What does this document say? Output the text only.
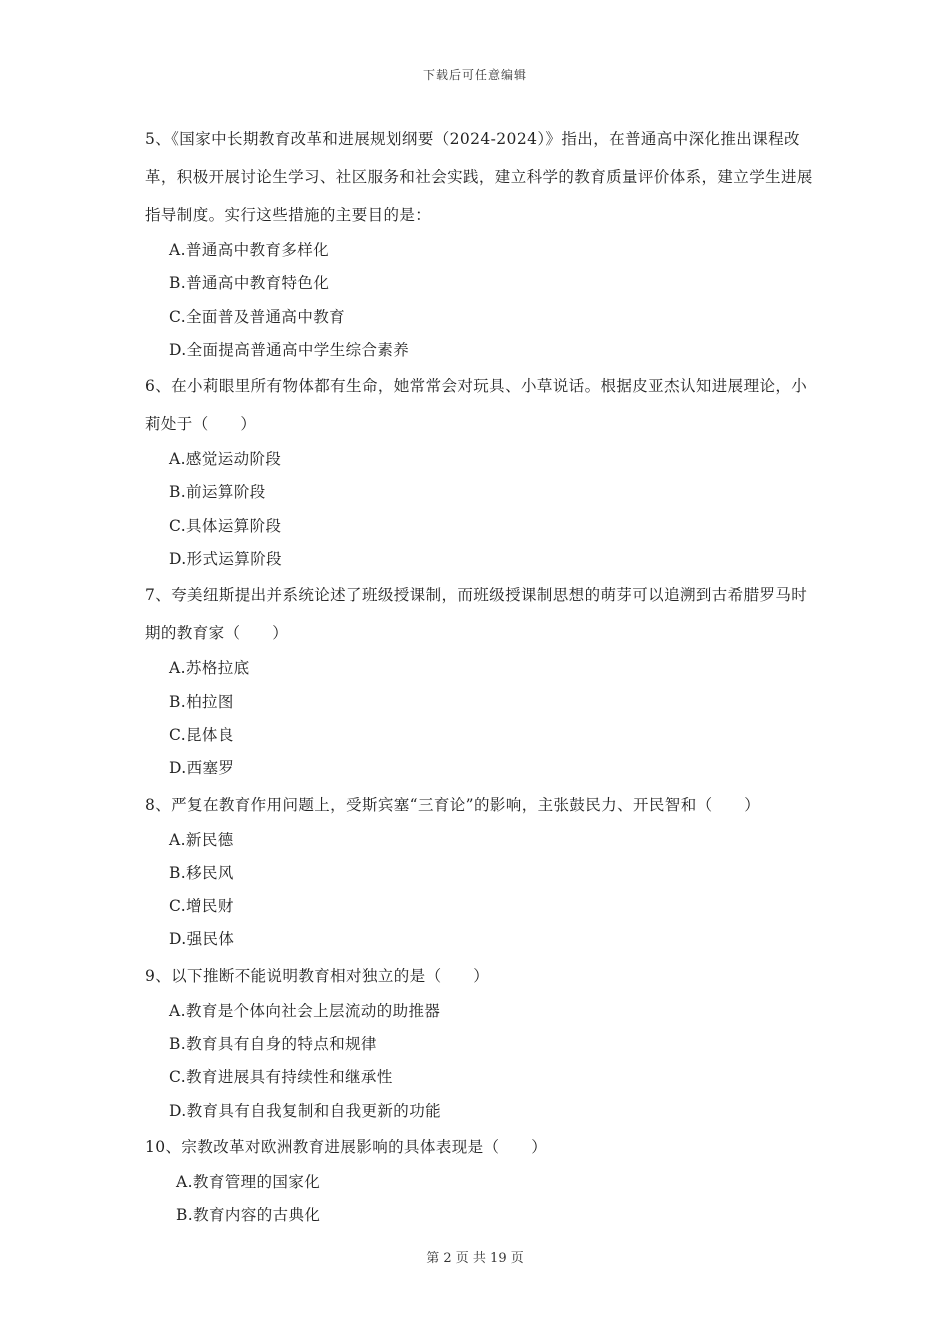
下载后可任意编辑

5、《国家中长期教育改革和进展规划纲要（2024-2024）》指出，在普通高中深化推出课程改革，积极开展讨论生学习、社区服务和社会实践，建立科学的教育质量评价体系，建立学生进展指导制度。实行这些措施的主要目的是：

A.普通高中教育多样化
B.普通高中教育特色化
C.全面普及普通高中教育
D.全面提高普通高中学生综合素养

6、在小莉眼里所有物体都有生命，她常常会对玩具、小草说话。根据皮亚杰认知进展理论，小莉处于（　　）

A.感觉运动阶段
B.前运算阶段
C.具体运算阶段
D.形式运算阶段

7、夸美纽斯提出并系统论述了班级授课制，而班级授课制思想的萌芽可以追溯到古希腊罗马时期的教育家（　　）

A.苏格拉底
B.柏拉图
C.昆体良
D.西塞罗

8、严复在教育作用问题上，受斯宾塞“三育论”的影响，主张鼓民力、开民智和（　　）

A.新民德
B.移民风
C.增民财
D.强民体

9、以下推断不能说明教育相对独立的是（　　）

A.教育是个体向社会上层流动的助推器
B.教育具有自身的特点和规律
C.教育进展具有持续性和继承性
D.教育具有自我复制和自我更新的功能

10、宗教改革对欧洲教育进展影响的具体表现是（　　）

A.教育管理的国家化
B.教育内容的古典化
第 2 页 共 19 页
